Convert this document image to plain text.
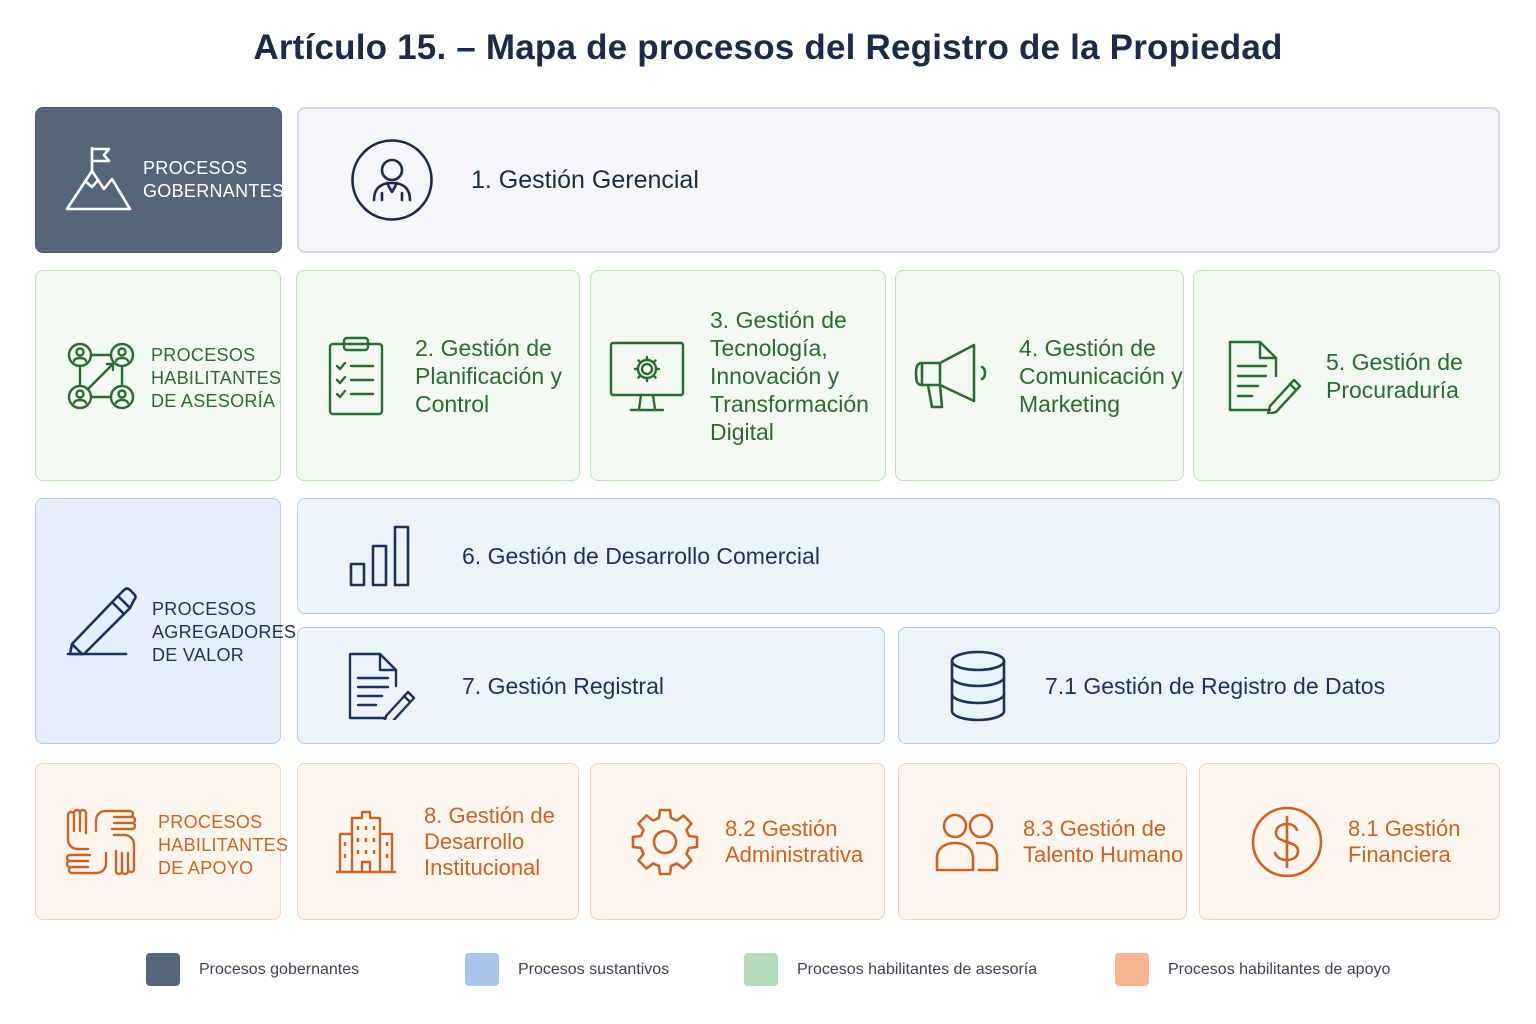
Artículo 15. – Mapa de procesos del Registro de la Propiedad
PROCESOS
GOBERNANTES	1. Gestión Gerencial
PROCESOS
HABILITANTES
DE ASESORÍA
2. Gestión de
Planificación y
Control
3. Gestión de
Tecnología,
Innovación y
Transformación
Digital
4. Gestión de
Comunicación y
Marketing
5. Gestión de
Procuraduría
PROCESOS
AGREGADORES
DE VALOR
6. Gestión de Desarrollo Comercial
7. Gestión Registral	7.1 Gestión de Registro de Datos
PROCESOS
HABILITANTES
DE APOYO
8. Gestión de
Desarrollo
Institucional
8.2 Gestión
Administrativa
8.3 Gestión de
Talento Humano
8.1 Gestión
Financiera
Procesos gobernantes	Procesos sustantivos	Procesos habilitantes de asesoría	Procesos habilitantes de apoyo
